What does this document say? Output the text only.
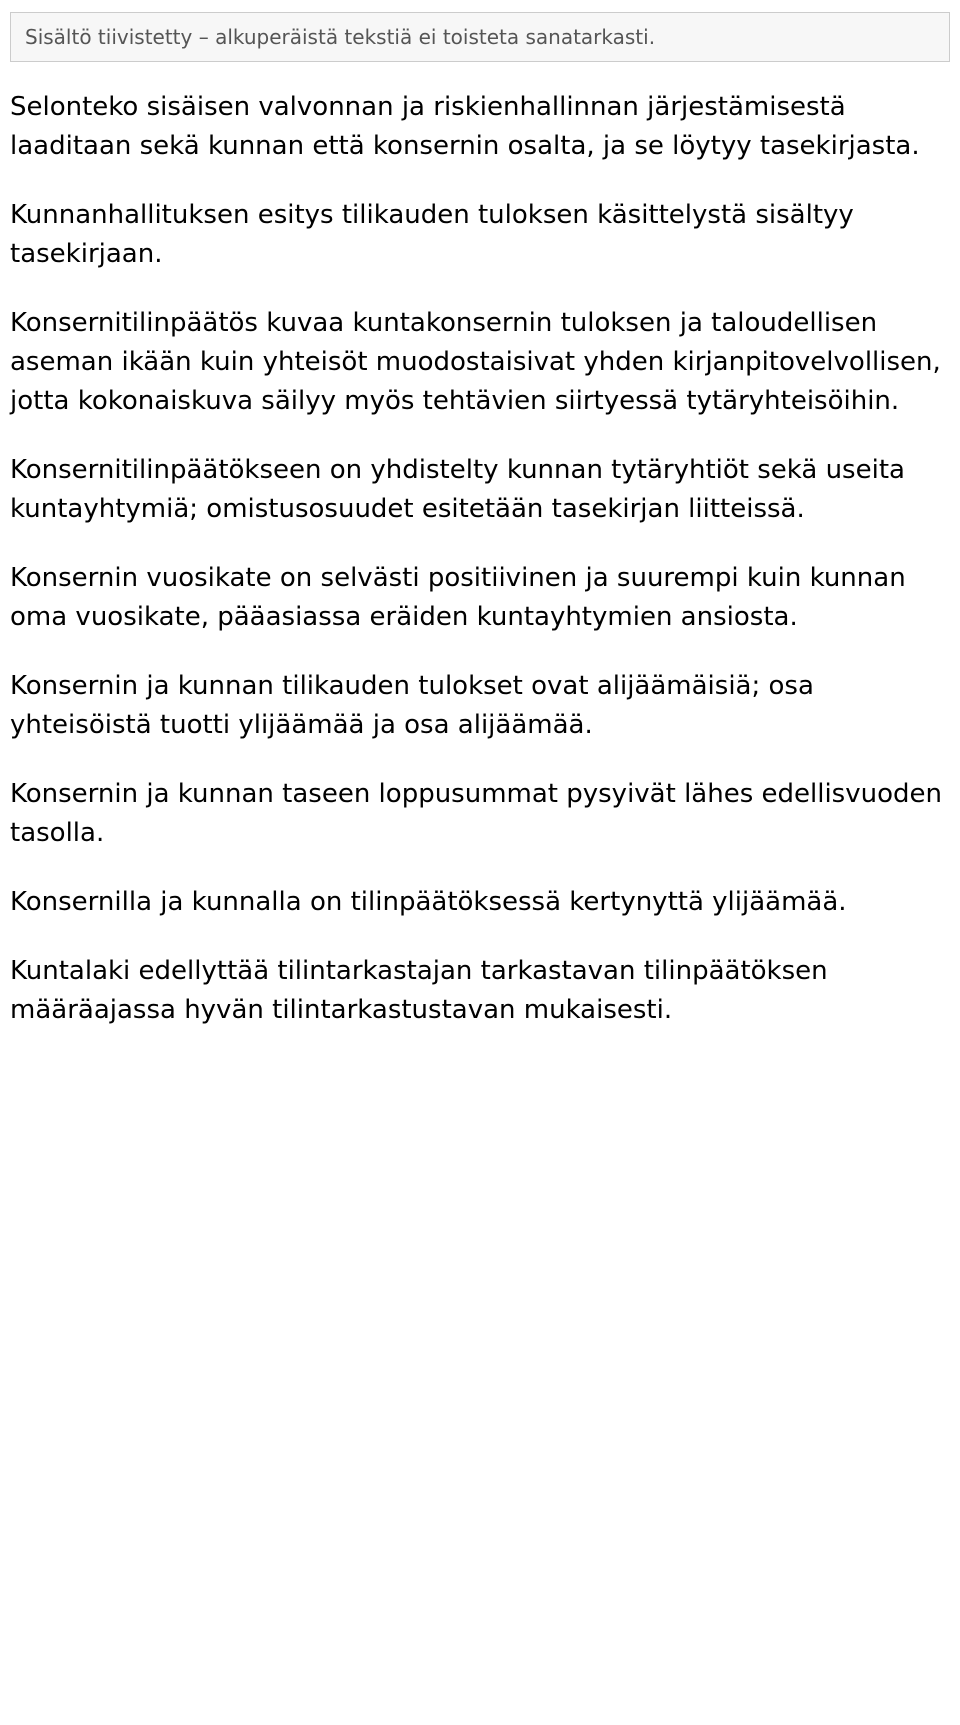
Sisältö tiivistetty – alkuperäistä tekstiä ei toisteta sanatarkasti.

Selonteko sisäisen valvonnan ja riskienhallinnan järjestämisestä laaditaan sekä kunnan että konsernin osalta, ja se löytyy tasekirjasta.

Kunnanhallituksen esitys tilikauden tuloksen käsittelystä sisältyy tasekirjaan.

Konsernitilinpäätös kuvaa kuntakonsernin tuloksen ja taloudellisen aseman ikään kuin yhteisöt muodostaisivat yhden kirjanpitovelvollisen, jotta kokonaiskuva säilyy myös tehtävien siirtyessä tytäryhteisöihin.

Konsernitilinpäätökseen on yhdistelty kunnan tytäryhtiöt sekä useita kuntayhtymiä; omistusosuudet esitetään tasekirjan liitteissä.

Konsernin vuosikate on selvästi positiivinen ja suurempi kuin kunnan oma vuosikate, pääasiassa eräiden kuntayhtymien ansiosta.

Konsernin ja kunnan tilikauden tulokset ovat alijäämäisiä; osa yhteisöistä tuotti ylijäämää ja osa alijäämää.

Konsernin ja kunnan taseen loppusummat pysyivät lähes edellisvuoden tasolla.

Konsernilla ja kunnalla on tilinpäätöksessä kertynyttä ylijäämää.

Kuntalaki edellyttää tilintarkastajan tarkastavan tilinpäätöksen määräajassa hyvän tilintarkastustavan mukaisesti.
